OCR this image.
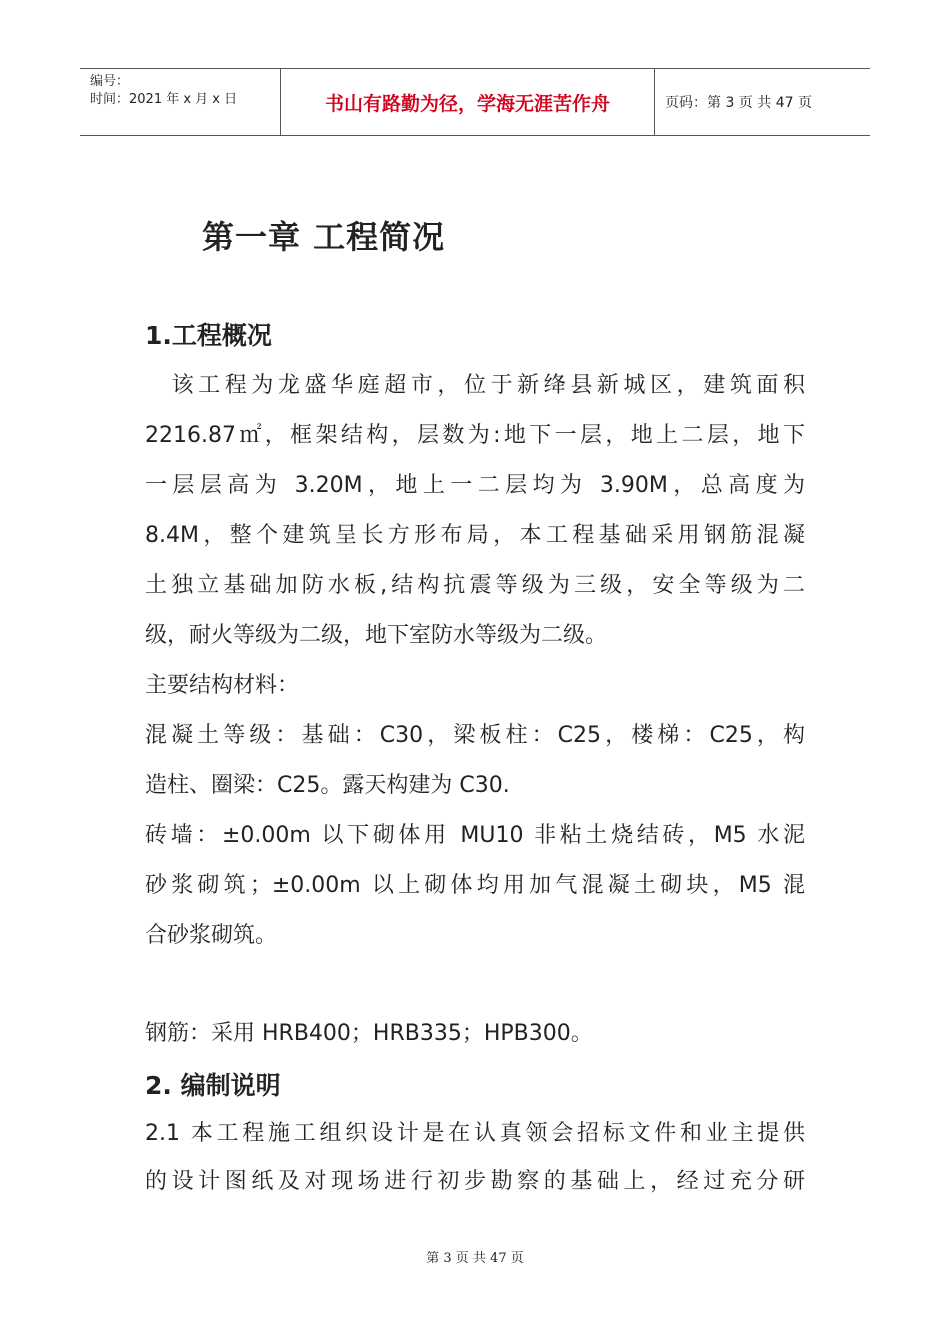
编号：
时间：2021 年 x 月 x 日	书山有路勤为径，学海无涯苦作舟	页码：第 3 页 共 47 页
第一章 工程简况
1.工程概况
　该工程为龙盛华庭超市，位于新绛县新城区，建筑面积
2216.87㎡，框架结构，层数为:地下一层，地上二层，地下
一层层高为 3.20M，地上一二层均为 3.90M，总高度为
8.4M，整个建筑呈长方形布局，本工程基础采用钢筋混凝
土独立基础加防水板,结构抗震等级为三级，安全等级为二
级，耐火等级为二级，地下室防水等级为二级。
主要结构材料：
混凝土等级：基础：C30，梁板柱：C25，楼梯：C25，构
造柱、圈梁：C25。露天构建为 C30.
砖墙：±0.00m 以下砌体用 MU10 非粘土烧结砖，M5 水泥
砂浆砌筑；±0.00m 以上砌体均用加气混凝土砌块，M5 混
合砂浆砌筑。
钢筋：采用 HRB400；HRB335；HPB300。
2. 编制说明
2.1 本工程施工组织设计是在认真领会招标文件和业主提供
的设计图纸及对现场进行初步勘察的基础上，经过充分研
第 3 页 共 47 页
